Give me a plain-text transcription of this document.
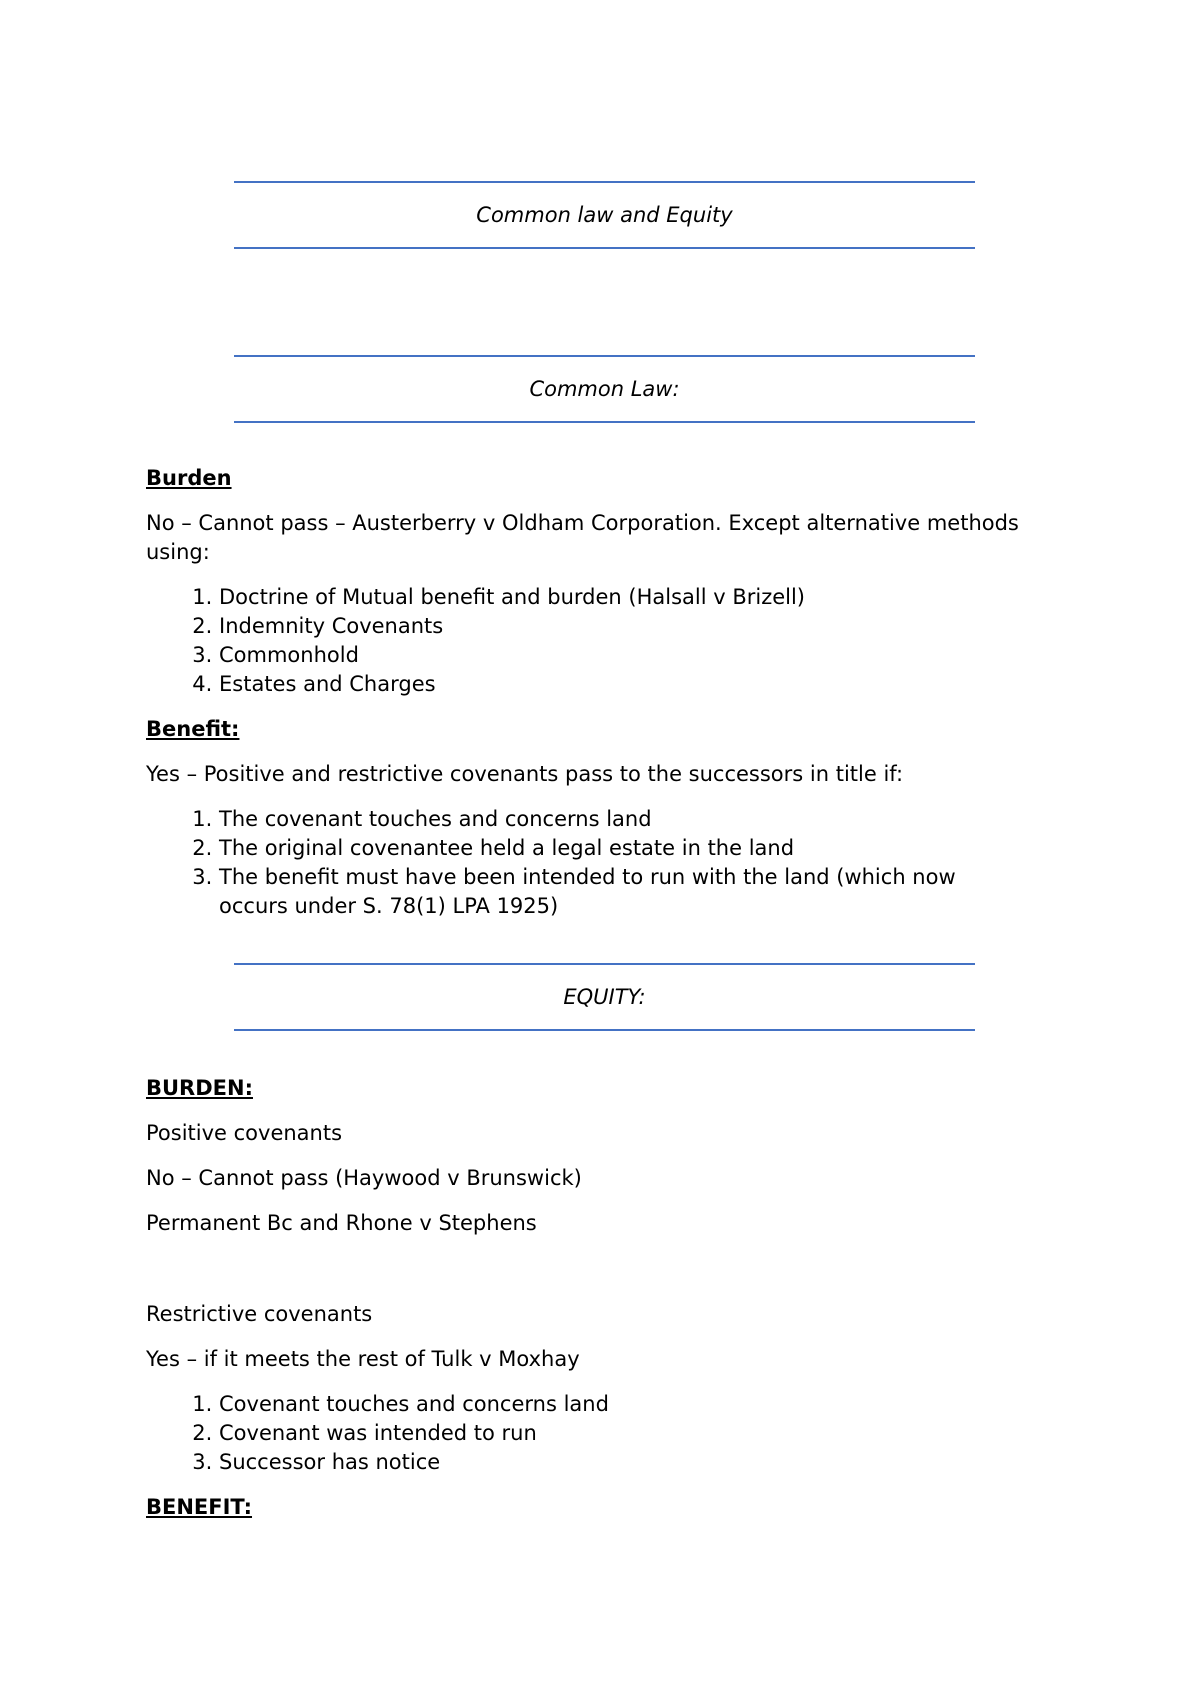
Common law and Equity
Common Law:

Burden

No – Cannot pass – Austerberry v Oldham Corporation. Except alternative methods using:

1. Doctrine of Mutual benefit and burden (Halsall v Brizell)
2. Indemnity Covenants
3. Commonhold
4. Estates and Charges

Benefit:

Yes – Positive and restrictive covenants pass to the successors in title if:

1. The covenant touches and concerns land
2. The original covenantee held a legal estate in the land
3. The benefit must have been intended to run with the land (which now occurs under S. 78(1) LPA 1925)
EQUITY:

BURDEN:

Positive covenants

No – Cannot pass (Haywood v Brunswick)

Permanent Bc and Rhone v Stephens

Restrictive covenants

Yes – if it meets the rest of Tulk v Moxhay

1. Covenant touches and concerns land
2. Covenant was intended to run
3. Successor has notice

BENEFIT:
